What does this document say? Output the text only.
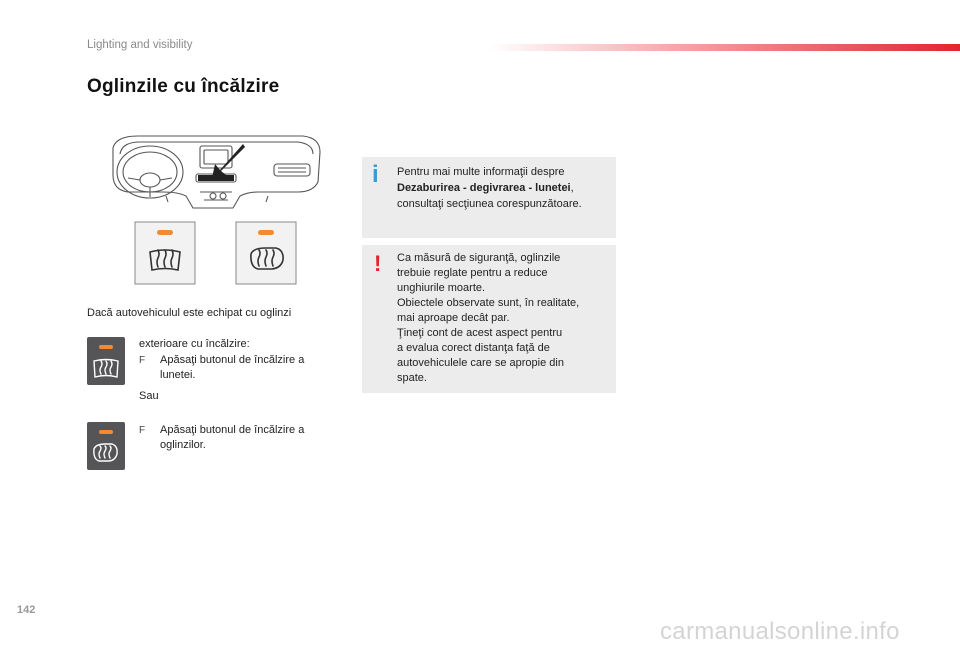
Lighting and visibility
Oglinzile cu încălzire
Dacă autovehiculul este echipat cu oglinzi
exterioare cu încălzire:
F Apăsaţi butonul de încălzire a
lunetei.
Sau
F Apăsaţi butonul de încălzire a
oglinzilor.
i Pentru mai multe informaţii despre
Dezaburirea - degivrarea - lunetei,
consultaţi secţiunea corespunzătoare.
! Ca măsură de siguranţă, oglinzile
trebuie reglate pentru a reduce
unghiurile moarte.
Obiectele observate sunt, în realitate,
mai aproape decât par.
Ţineţi cont de acest aspect pentru
a evalua corect distanţa faţă de
autovehiculele care se apropie din
spate.
142
carmanualsonline.info
